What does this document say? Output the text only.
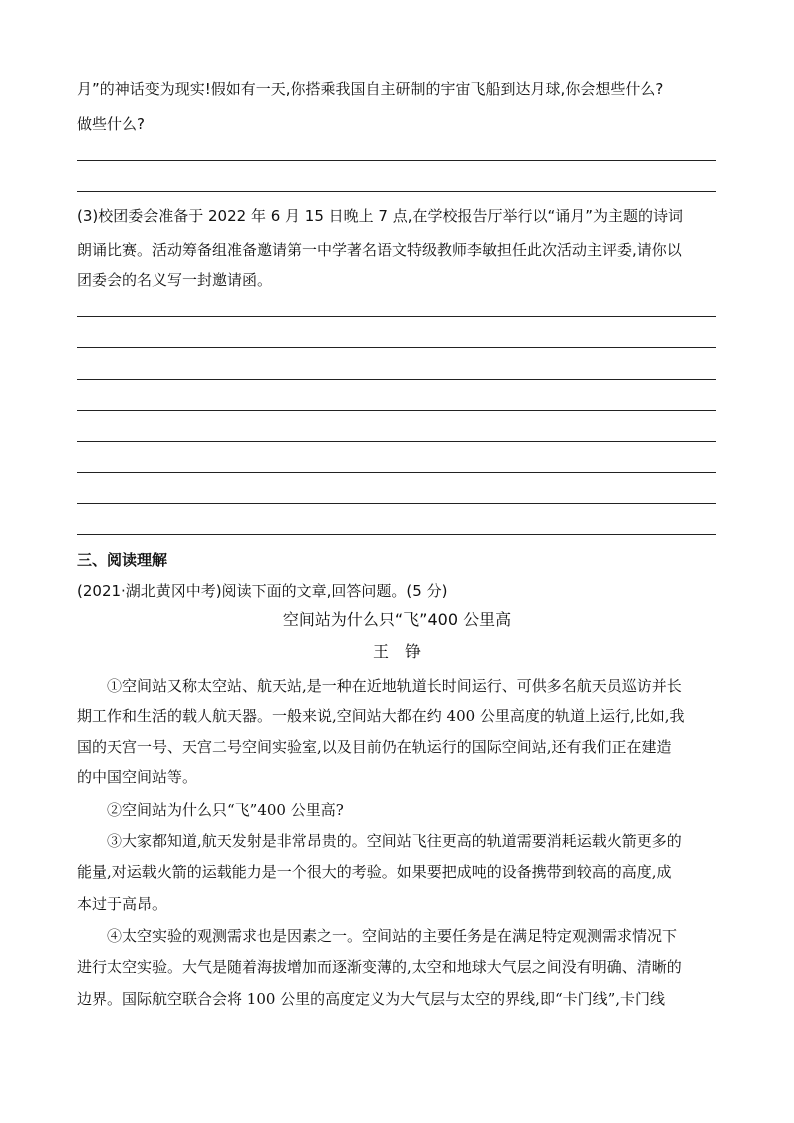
月”的神话变为现实!假如有一天,你搭乘我国自主研制的宇宙飞船到达月球,你会想些什么?
做些什么?
(3)校团委会准备于 2022 年 6 月 15 日晚上 7 点,在学校报告厅举行以“诵月”为主题的诗词
朗诵比赛。活动筹备组准备邀请第一中学著名语文特级教师李敏担任此次活动主评委,请你以
团委会的名义写一封邀请函。
三、阅读理解
(2021·湖北黄冈中考)阅读下面的文章,回答问题。(5 分)
空间站为什么只“飞”400 公里高
王　铮

①空间站又称太空站、航天站,是一种在近地轨道长时间运行、可供多名航天员巡访并长

期工作和生活的载人航天器。一般来说,空间站大都在约 400 公里高度的轨道上运行,比如,我

国的天宫一号、天宫二号空间实验室,以及目前仍在轨运行的国际空间站,还有我们正在建造

的中国空间站等。

②空间站为什么只“飞”400 公里高?

③大家都知道,航天发射是非常昂贵的。空间站飞往更高的轨道需要消耗运载火箭更多的

能量,对运载火箭的运载能力是一个很大的考验。如果要把成吨的设备携带到较高的高度,成

本过于高昂。

④太空实验的观测需求也是因素之一。空间站的主要任务是在满足特定观测需求情况下

进行太空实验。大气是随着海拔增加而逐渐变薄的,太空和地球大气层之间没有明确、清晰的

边界。国际航空联合会将 100 公里的高度定义为大气层与太空的界线,即“卡门线”,卡门线
